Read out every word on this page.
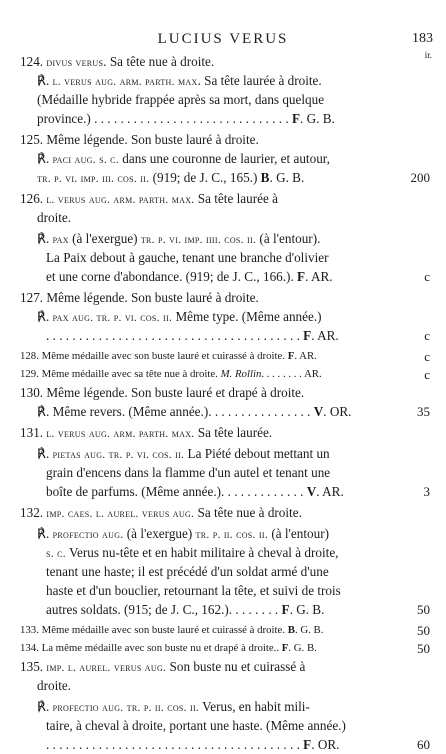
LUCIUS VERUS	183
ir.
124. divus verus. Sa tête nue à droite.
℟. l. verus aug. arm. parth. max. Sa tête laurée à droite.
(Médaille hybride frappée après sa mort, dans quelque
province.) . . . . . . . . . . . . . . . . . . . . . . . . . . . . . . F. G. B.
125. Même légende. Son buste lauré à droite.
℟. paci aug. s. c. dans une couronne de laurier, et autour,
tr. p. vi. imp. iii. cos. ii. (919; de J. C., 165.) B. G. B.
126. l. verus aug. arm. parth. max. Sa tête laurée à
droite.
℟. pax (à l'exergue) tr. p. vi. imp. iiii. cos. ii. (à l'entour).
La Paix debout à gauche, tenant une branche d'olivier
et une corne d'abondance. (919; de J. C., 166.). F. AR.
127. Même légende. Son buste lauré à droite.
℟. pax aug. tr. p. vi. cos. ii. Même type. (Même année.)
. . . . . . . . . . . . . . . . . . . . . . . . . . . . . . . . . . . . . . . F. AR.
128. Même médaille avec son buste lauré et cuirassé à droite. F. AR.
129. Même médaille avec sa tête nue à droite. M. Rollin. . . . . . . . AR.
130. Même légende. Son buste lauré et drapé à droite.
℟. Même revers. (Même année.). . . . . . . . . . . . . . . . V. OR.
131. l. verus aug. arm. parth. max. Sa tête laurée.
℟. pietas aug. tr. p. vi. cos. ii. La Piété debout mettant un
grain d'encens dans la flamme d'un autel et tenant une
boîte de parfums. (Même année.). . . . . . . . . . . . . V. AR.
132. imp. caes. l. aurel. verus aug. Sa tête nue à droite.
℟. profectio aug. (à l'exergue) tr. p. ii. cos. ii. (à l'entour)
s. c. Verus nu-tête et en habit militaire à cheval à droite,
tenant une haste; il est précédé d'un soldat armé d'une
haste et d'un bouclier, retournant la tête, et suivi de trois
autres soldats. (915; de J. C., 162.). . . . . . . . F. G. B.
133. Même médaille avec son buste lauré et cuirassé à droite. B. G. B.
134. La même médaille avec son buste nu et drapé à droite.. F. G. B.
135. imp. l. aurel. verus aug. Son buste nu et cuirassé à
droite.
℟. profectio aug. tr. p. ii. cos. ii. Verus, en habit mili-
taire, à cheval à droite, portant une haste. (Même année.)
. . . . . . . . . . . . . . . . . . . . . . . . . . . . . . . . . . . . . . . F. OR.
200
c
c
c
c
35
3
50
50
50
60
